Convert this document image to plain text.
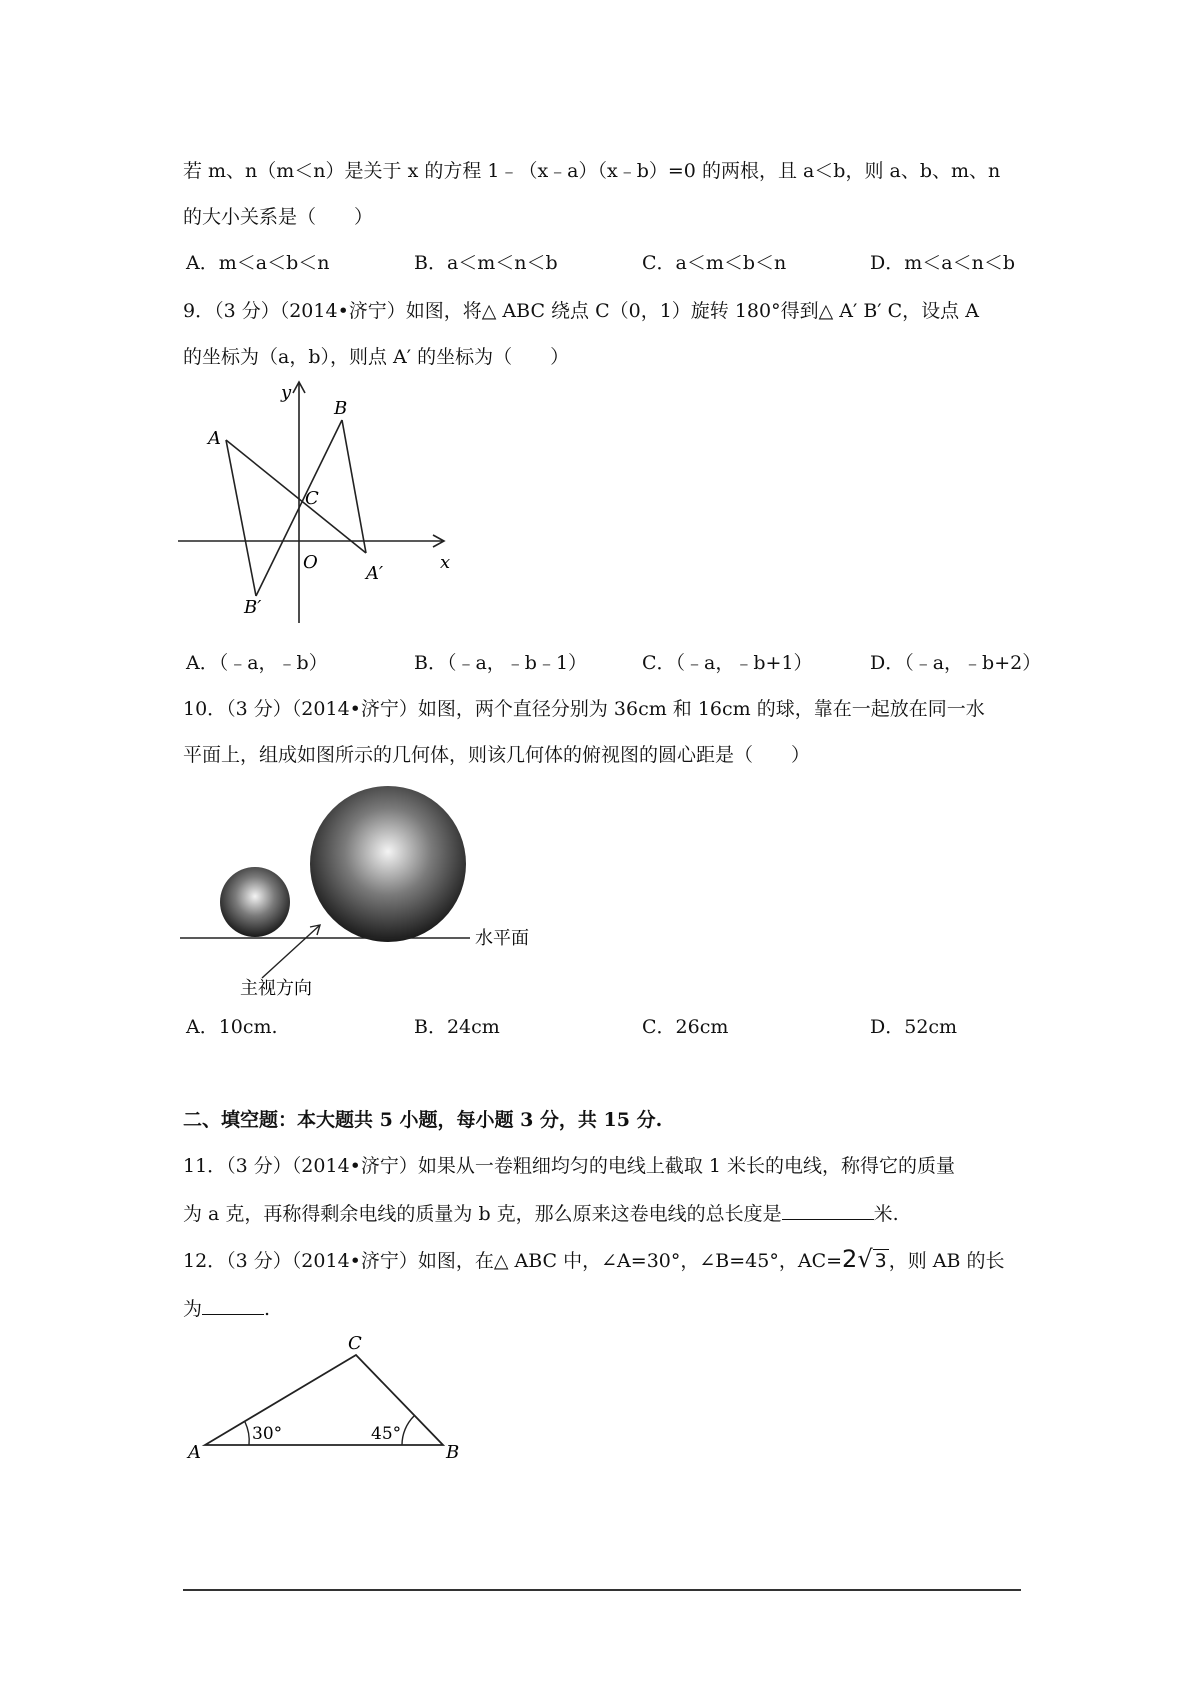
若 m、n（m＜n）是关于 x 的方程 1﹣（x﹣a）（x﹣b）=0 的两根，且 a＜b，则 a、b、m、n
的大小关系是（　　）
A．m＜a＜b＜n	B．a＜m＜n＜b	C．a＜m＜b＜n	D．m＜a＜n＜b
9．（3 分）（2014•济宁）如图，将△ ABC 绕点 C（0，1）旋转 180°得到△ A′ B′ C，设点 A
的坐标为（a，b），则点 A′ 的坐标为（　　）
y
x
A
B
C
O
A′
B′
A．（﹣a，﹣b）	B．（﹣a，﹣b﹣1）	C．（﹣a，﹣b+1）	D．（﹣a，﹣b+2）
10．（3 分）（2014•济宁）如图，两个直径分别为 36cm 和 16cm 的球，靠在一起放在同一水
平面上，组成如图所示的几何体，则该几何体的俯视图的圆心距是（　　）
水平面
主视方向
A．10cm.	B．24cm	C．26cm	D．52cm
二、填空题：本大题共 5 小题，每小题 3 分，共 15 分.
11．（3 分）（2014•济宁）如果从一卷粗细均匀的电线上截取 1 米长的电线，称得它的质量
为 a 克，再称得剩余电线的质量为 b 克，那么原来这卷电线的总长度是	米.
12．（3 分）（2014•济宁）如图，在△ ABC 中，∠A=30°，∠B=45°，AC=2√ 3 ，则 AB 的长
为	.
A	B
C
30°	45°
